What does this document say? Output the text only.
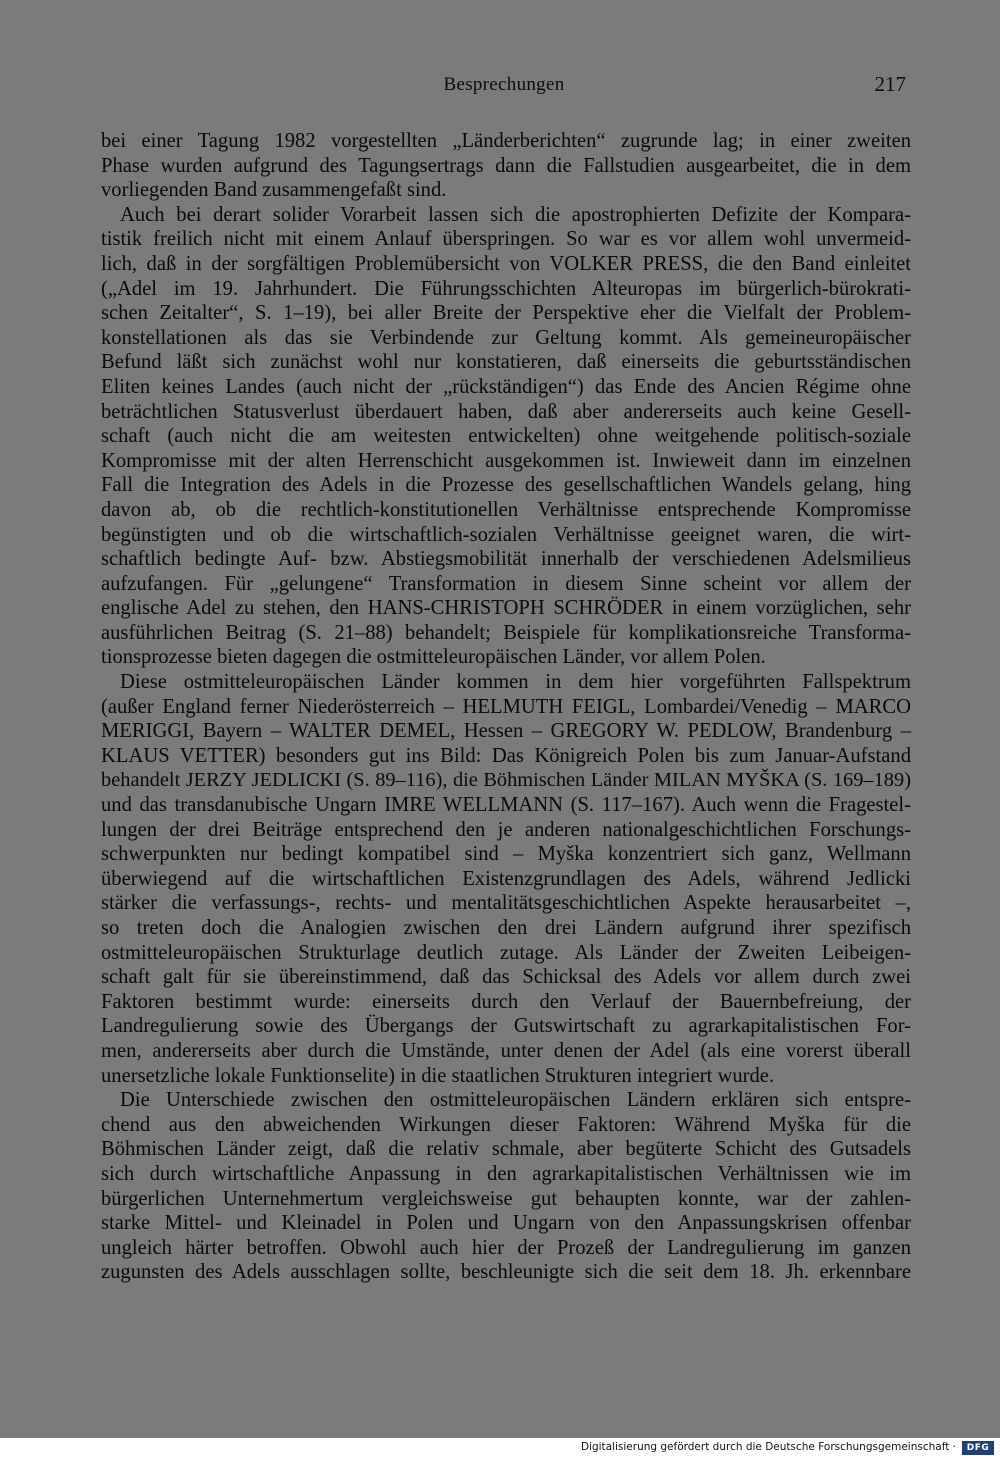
Besprechungen	217
bei einer Tagung 1982 vorgestellten „Länderberichten“ zugrunde lag; in einer zweiten
Phase wurden aufgrund des Tagungsertrags dann die Fallstudien ausgearbeitet, die in dem
vorliegenden Band zusammengefaßt sind.
Auch bei derart solider Vorarbeit lassen sich die apostrophierten Defizite der Kompara-
tistik freilich nicht mit einem Anlauf überspringen. So war es vor allem wohl unvermeid-
lich, daß in der sorgfältigen Problemübersicht von VOLKER PRESS, die den Band einleitet
(„Adel im 19. Jahrhundert. Die Führungsschichten Alteuropas im bürgerlich-bürokrati-
schen Zeitalter“, S. 1–19), bei aller Breite der Perspektive eher die Vielfalt der Problem-
konstellationen als das sie Verbindende zur Geltung kommt. Als gemeineuropäischer
Befund läßt sich zunächst wohl nur konstatieren, daß einerseits die geburtsständischen
Eliten keines Landes (auch nicht der „rückständigen“) das Ende des Ancien Régime ohne
beträchtlichen Statusverlust überdauert haben, daß aber andererseits auch keine Gesell-
schaft (auch nicht die am weitesten entwickelten) ohne weitgehende politisch-soziale
Kompromisse mit der alten Herrenschicht ausgekommen ist. Inwieweit dann im einzelnen
Fall die Integration des Adels in die Prozesse des gesellschaftlichen Wandels gelang, hing
davon ab, ob die rechtlich-konstitutionellen Verhältnisse entsprechende Kompromisse
begünstigten und ob die wirtschaftlich-sozialen Verhältnisse geeignet waren, die wirt-
schaftlich bedingte Auf- bzw. Abstiegsmobilität innerhalb der verschiedenen Adelsmilieus
aufzufangen. Für „gelungene“ Transformation in diesem Sinne scheint vor allem der
englische Adel zu stehen, den HANS-CHRISTOPH SCHRÖDER in einem vorzüglichen, sehr
ausführlichen Beitrag (S. 21–88) behandelt; Beispiele für komplikationsreiche Transforma-
tionsprozesse bieten dagegen die ostmitteleuropäischen Länder, vor allem Polen.
Diese ostmitteleuropäischen Länder kommen in dem hier vorgeführten Fallspektrum
(außer England ferner Niederösterreich – HELMUTH FEIGL, Lombardei/Venedig – MARCO
MERIGGI, Bayern – WALTER DEMEL, Hessen – GREGORY W. PEDLOW, Brandenburg –
KLAUS VETTER) besonders gut ins Bild: Das Königreich Polen bis zum Januar-Aufstand
behandelt JERZY JEDLICKI (S. 89–116), die Böhmischen Länder MILAN MYŠKA (S. 169–189)
und das transdanubische Ungarn IMRE WELLMANN (S. 117–167). Auch wenn die Fragestel-
lungen der drei Beiträge entsprechend den je anderen nationalgeschichtlichen Forschungs-
schwerpunkten nur bedingt kompatibel sind – Myška konzentriert sich ganz, Wellmann
überwiegend auf die wirtschaftlichen Existenzgrundlagen des Adels, während Jedlicki
stärker die verfassungs-, rechts- und mentalitätsgeschichtlichen Aspekte herausarbeitet –,
so treten doch die Analogien zwischen den drei Ländern aufgrund ihrer spezifisch
ostmitteleuropäischen Strukturlage deutlich zutage. Als Länder der Zweiten Leibeigen-
schaft galt für sie übereinstimmend, daß das Schicksal des Adels vor allem durch zwei
Faktoren bestimmt wurde: einerseits durch den Verlauf der Bauernbefreiung, der
Landregulierung sowie des Übergangs der Gutswirtschaft zu agrarkapitalistischen For-
men, andererseits aber durch die Umstände, unter denen der Adel (als eine vorerst überall
unersetzliche lokale Funktionselite) in die staatlichen Strukturen integriert wurde.
Die Unterschiede zwischen den ostmitteleuropäischen Ländern erklären sich entspre-
chend aus den abweichenden Wirkungen dieser Faktoren: Während Myška für die
Böhmischen Länder zeigt, daß die relativ schmale, aber begüterte Schicht des Gutsadels
sich durch wirtschaftliche Anpassung in den agrarkapitalistischen Verhältnissen wie im
bürgerlichen Unternehmertum vergleichsweise gut behaupten konnte, war der zahlen-
starke Mittel- und Kleinadel in Polen und Ungarn von den Anpassungskrisen offenbar
ungleich härter betroffen. Obwohl auch hier der Prozeß der Landregulierung im ganzen
zugunsten des Adels ausschlagen sollte, beschleunigte sich die seit dem 18. Jh. erkennbare
Digitalisierung gefördert durch die Deutsche Forschungsgemeinschaft ·	DFG
